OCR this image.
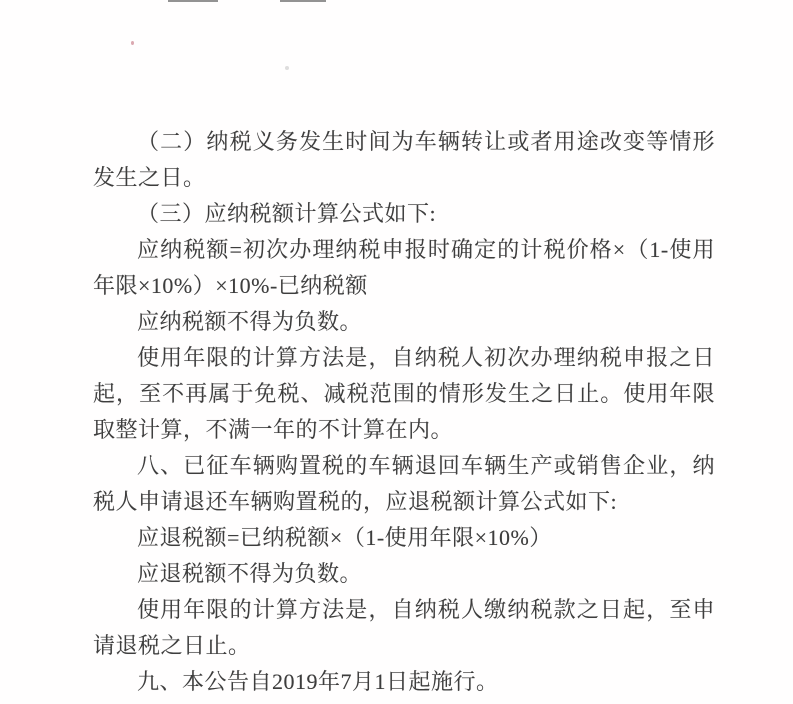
（二）纳税义务发生时间为车辆转让或者用途改变等情形发生之日。

（三）应纳税额计算公式如下:

应纳税额=初次办理纳税申报时确定的计税价格×（1-使用年限×10%）×10%-已纳税额

应纳税额不得为负数。

使用年限的计算方法是，自纳税人初次办理纳税申报之日起，至不再属于免税、减税范围的情形发生之日止。使用年限取整计算，不满一年的不计算在内。

八、已征车辆购置税的车辆退回车辆生产或销售企业，纳税人申请退还车辆购置税的，应退税额计算公式如下:

应退税额=已纳税额×（1-使用年限×10%）

应退税额不得为负数。

使用年限的计算方法是，自纳税人缴纳税款之日起，至申请退税之日止。

九、本公告自2019年7月1日起施行。
